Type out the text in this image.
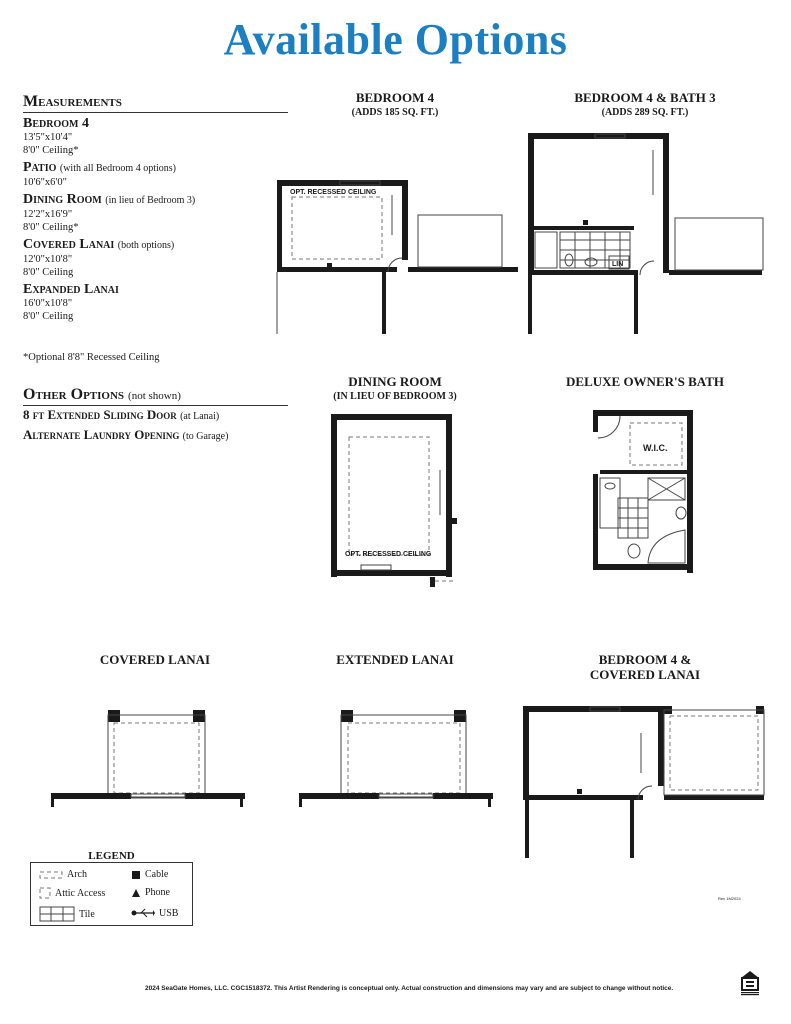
Available Options
Measurements
Bedroom 4
13'5"x10'4"
8'0" Ceiling*
Patio (with all Bedroom 4 options)
10'6"x6'0"
Dining Room (in lieu of Bedroom 3)
12'2"x16'9"
8'0" Ceiling*
Covered Lanai (both options)
12'0"x10'8"
8'0" Ceiling
Expanded Lanai
16'0"x10'8"
8'0" Ceiling
*Optional 8'8" Recessed Ceiling
Other Options (not shown)
8 ft Extended Sliding Door (at Lanai)
Alternate Laundry Opening (to Garage)
BEDROOM 4
(ADDS 185 SQ. FT.)
BEDROOM 4 & BATH 3
(ADDS 289 SQ. FT.)
DINING ROOM
(IN LIEU OF BEDROOM 3)
DELUXE OWNER'S BATH
COVERED LANAI	EXTENDED LANAI	BEDROOM 4 &
COVERED LANAI
OPT. RECESSED CEILING
LIN
OPT. RECESSED CEILING
W.I.C.
LEGEND
Arch	Cable
Attic Access	Phone
Tile	USB
Rev 1M2024
2024 SeaGate Homes, LLC. CGC1518372. This Artist Rendering is conceptual only. Actual construction and dimensions may vary and are subject to change without notice.
